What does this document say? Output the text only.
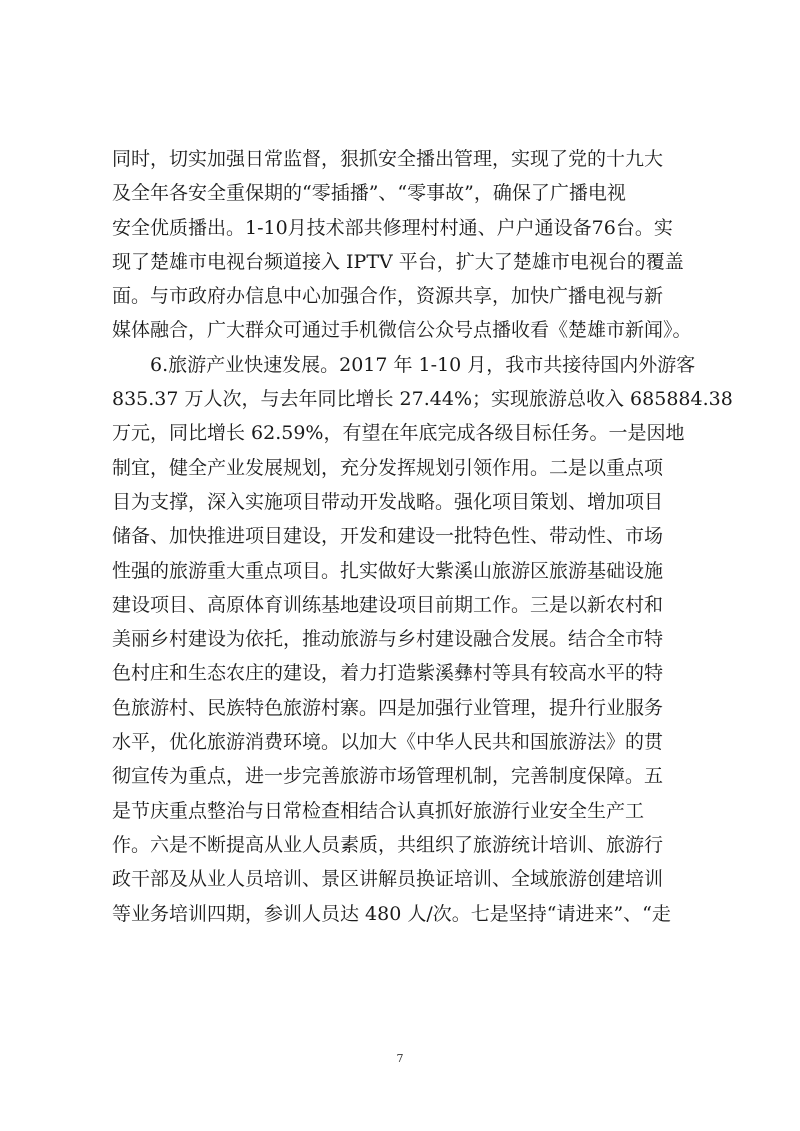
同时，切实加强日常监督，狠抓安全播出管理，实现了党的十九大
及全年各安全重保期的“零插播”、“零事故”，确保了广播电视
安全优质播出。1-10月技术部共修理村村通、户户通设备76台。实
现了楚雄市电视台频道接入 IPTV 平台，扩大了楚雄市电视台的覆盖
面。与市政府办信息中心加强合作，资源共享，加快广播电视与新
媒体融合，广大群众可通过手机微信公众号点播收看《楚雄市新闻》。
6.旅游产业快速发展。2017 年 1-10 月，我市共接待国内外游客
835.37 万人次，与去年同比增长 27.44%；实现旅游总收入 685884.38
万元，同比增长 62.59%，有望在年底完成各级目标任务。一是因地
制宜，健全产业发展规划，充分发挥规划引领作用。二是以重点项
目为支撑，深入实施项目带动开发战略。强化项目策划、增加项目
储备、加快推进项目建设，开发和建设一批特色性、带动性、市场
性强的旅游重大重点项目。扎实做好大紫溪山旅游区旅游基础设施
建设项目、高原体育训练基地建设项目前期工作。三是以新农村和
美丽乡村建设为依托，推动旅游与乡村建设融合发展。结合全市特
色村庄和生态农庄的建设，着力打造紫溪彝村等具有较高水平的特
色旅游村、民族特色旅游村寨。四是加强行业管理，提升行业服务
水平，优化旅游消费环境。以加大《中华人民共和国旅游法》的贯
彻宣传为重点，进一步完善旅游市场管理机制，完善制度保障。五
是节庆重点整治与日常检查相结合认真抓好旅游行业安全生产工
作。六是不断提高从业人员素质，共组织了旅游统计培训、旅游行
政干部及从业人员培训、景区讲解员换证培训、全域旅游创建培训
等业务培训四期，参训人员达 480 人/次。七是坚持“请进来”、“走
7
